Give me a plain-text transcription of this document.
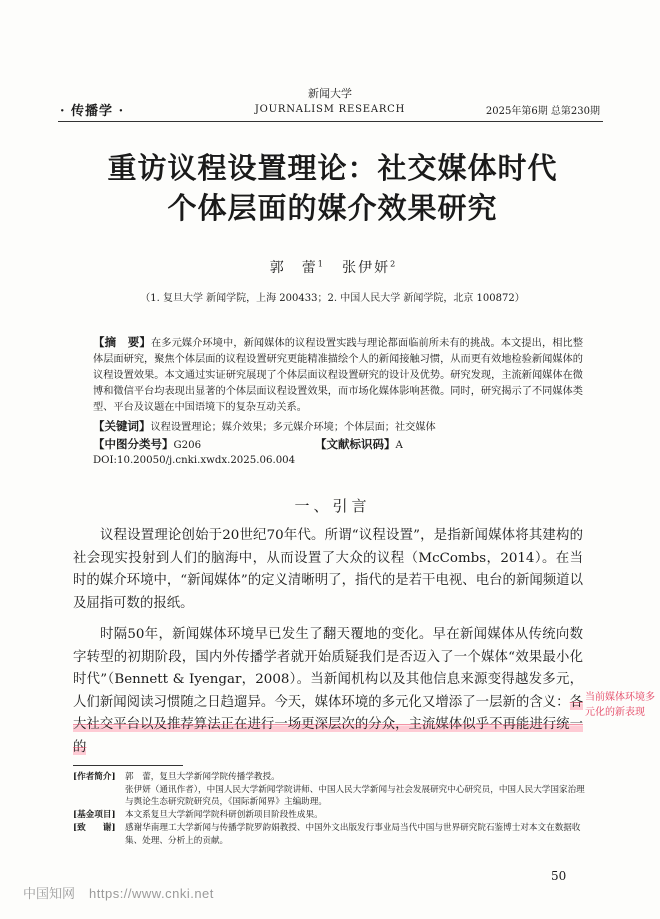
· 传播学 ·
新闻大学
JOURNALISM RESEARCH	2025年第6期 总第230期
重访议程设置理论：社交媒体时代
个体层面的媒介效果研究
郭　蕾$^1$ 张伊妍$^2$
（1. 复旦大学 新闻学院，上海 200433；2. 中国人民大学 新闻学院，北京 100872）
【摘　要】在多元媒介环境中，新闻媒体的议程设置实践与理论都面临前所未有的挑战。本文提出，相比整体层面研究，聚焦个体层面的议程设置研究更能精准描绘个人的新闻接触习惯，从而更有效地检验新闻媒体的议程设置效果。本文通过实证研究展现了个体层面议程设置研究的设计及优势。研究发现，主流新闻媒体在微博和微信平台均表现出显著的个体层面议程设置效果，而市场化媒体影响甚微。同时，研究揭示了不同媒体类型、平台及议题在中国语境下的复杂互动关系。
【关键词】议程设置理论；媒介效果；多元媒介环境；个体层面；社交媒体
【中图分类号】G206	【文献标识码】A
DOI:10.20050/j.cnki.xwdx.2025.06.004
一、引言
议程设置理论创始于20世纪70年代。所谓“议程设置”，是指新闻媒体将其建构的社会现实投射到人们的脑海中，从而设置了大众的议程（McCombs，2014）。在当时的媒介环境中，“新闻媒体”的定义清晰明了，指代的是若干电视、电台的新闻频道以及屈指可数的报纸。
时隔50年，新闻媒体环境早已发生了翻天覆地的变化。早在新闻媒体从传统向数字转型的初期阶段，国内外传播学者就开始质疑我们是否迈入了一个媒体“效果最小化时代”（Bennett & Iyengar，2008）。当新闻机构以及其他信息来源变得越发多元，人们新闻阅读习惯随之日趋遛异。今天，媒体环境的多元化又增添了一层新的含义：各大社交平台以及推荐算法正在进行一场更深层次的分众，主流媒体似乎不再能进行统一的
当前媒体环境多元化的新表现
[作者简介] 郭　蕾，复旦大学新闻学院传播学教授。
张伊妍（通讯作者），中国人民大学新闻学院讲师、中国人民大学新闻与社会发展研究中心研究员，中国人民大学国家治理与舆论生态研究院研究员，《国际新闻界》主编助理。
[基金项目] 本文系复旦大学新闻学院科研创新项目阶段性成果。
[致　　谢] 感谢华南理工大学新闻与传播学院罗韵娟教授、中国外文出版发行事业局当代中国与世界研究院石鉴博士对本文在数据收集、处理、分析上的贡献。
50
中国知网 https://www.cnki.net
